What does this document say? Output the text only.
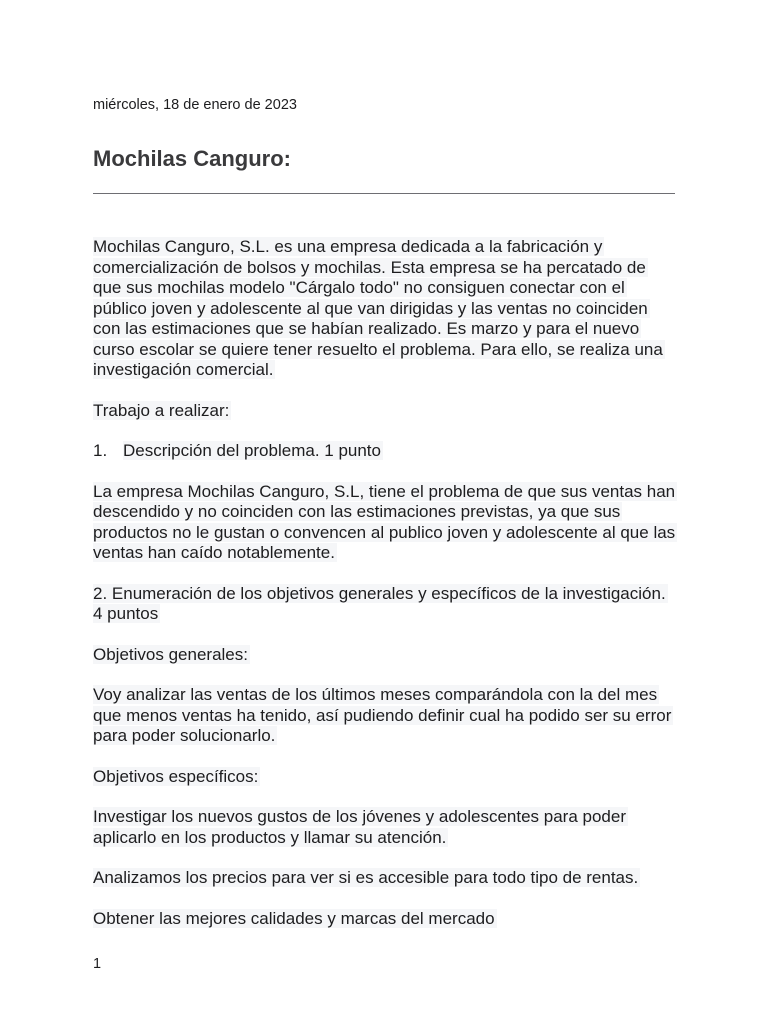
miércoles, 18 de enero de 2023
Mochilas Canguro:

Mochilas Canguro, S.L. es una empresa dedicada a la fabricación y comercialización de bolsos y mochilas. Esta empresa se ha percatado de que sus mochilas modelo "Cárgalo todo" no consiguen conectar con el público joven y adolescente al que van dirigidas y las ventas no coinciden con las estimaciones que se habían realizado. Es marzo y para el nuevo curso escolar se quiere tener resuelto el problema. Para ello, se realiza una investigación comercial.

Trabajo a realizar:

1. Descripción del problema. 1 punto

La empresa Mochilas Canguro, S.L, tiene el problema de que sus ventas han descendido y no coinciden con las estimaciones previstas, ya que sus productos no le gustan o convencen al publico joven y adolescente al que las ventas han caído notablemente.

2. Enumeración de los objetivos generales y específicos de la investigación. 4 puntos

Objetivos generales:

Voy analizar las ventas de los últimos meses comparándola con la del mes que menos ventas ha tenido, así pudiendo definir cual ha podido ser su error para poder solucionarlo.

Objetivos específicos:

Investigar los nuevos gustos de los jóvenes y adolescentes para poder aplicarlo en los productos y llamar su atención.

Analizamos los precios para ver si es accesible para todo tipo de rentas.

Obtener las mejores calidades y marcas del mercado

1
